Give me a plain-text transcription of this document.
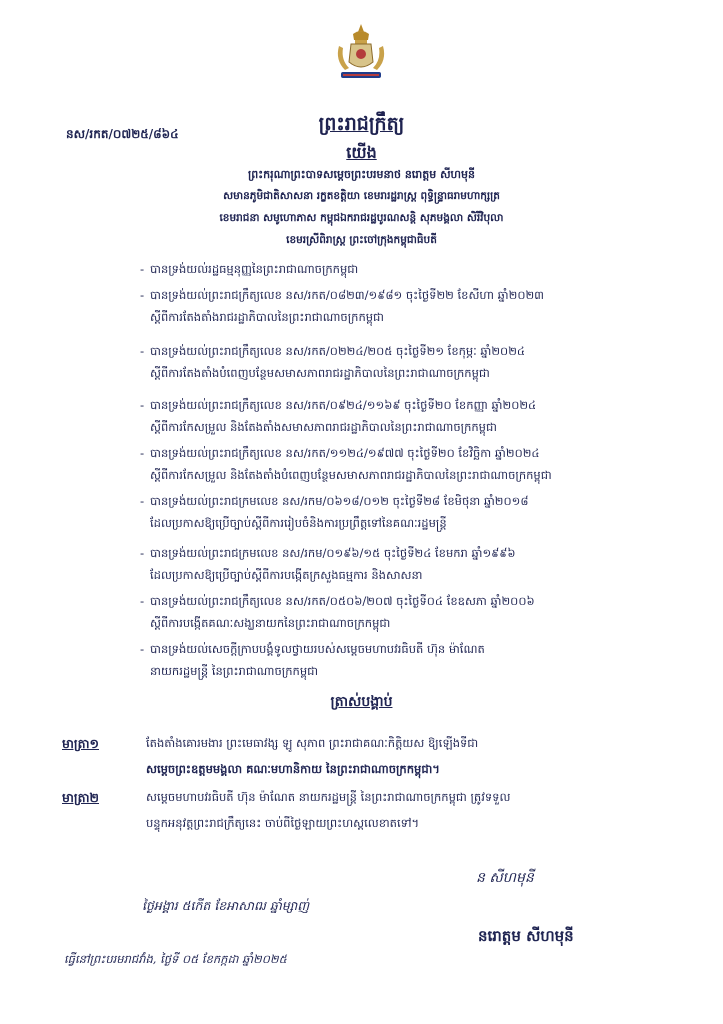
ព្រះរាជក្រឹត្យ
នស/រកត/០៧២៥/៨៦៤
យើង
ព្រះករុណាព្រះបាទសម្ដេចព្រះបរមនាថ នរោត្តម សីហមុនី
សមានភូមិជាតិសាសនា រក្ខតខត្តិយា ខេមរារដ្ឋរាស្ត្រ ពុទ្ធិន្ទ្រាធរាមហាក្សត្រ
ខេមរាជនា សមូហោភាស កម្ពុជឯករាជរដ្ឋបូរណសន្តិ សុភមង្គលា សិរីវិបុលា
ខេមរស្រីពិរាស្ត្រ ព្រះចៅក្រុងកម្ពុជាធិបតី
- បានទ្រង់យល់រដ្ឋធម្មនុញ្ញនៃព្រះរាជាណាចក្រកម្ពុជា
- បានទ្រង់យល់ព្រះរាជក្រឹត្យលេខ នស/រកត/០៨២៣/១៩៨១ ចុះថ្ងៃទី២២ ខែសីហា ឆ្នាំ២០២៣
ស្ដីពីការតែងតាំងរាជរដ្ឋាភិបាលនៃព្រះរាជាណាចក្រកម្ពុជា
- បានទ្រង់យល់ព្រះរាជក្រឹត្យលេខ នស/រកត/០២២៤/២០៥ ចុះថ្ងៃទី២១ ខែកុម្ភៈ ឆ្នាំ២០២៤
ស្ដីពីការតែងតាំងបំពេញបន្ថែមសមាសភាពរាជរដ្ឋាភិបាលនៃព្រះរាជាណាចក្រកម្ពុជា
- បានទ្រង់យល់ព្រះរាជក្រឹត្យលេខ នស/រកត/០៩២៤/១១៦៩ ចុះថ្ងៃទី២០ ខែកញ្ញា ឆ្នាំ២០២៤
ស្ដីពីការកែសម្រួល និងតែងតាំងសមាសភាពរាជរដ្ឋាភិបាលនៃព្រះរាជាណាចក្រកម្ពុជា
- បានទ្រង់យល់ព្រះរាជក្រឹត្យលេខ នស/រកត/១១២៤/១៩៧៧ ចុះថ្ងៃទី២០ ខែវិច្ឆិកា ឆ្នាំ២០២៤
ស្ដីពីការកែសម្រួល និងតែងតាំងបំពេញបន្ថែមសមាសភាពរាជរដ្ឋាភិបាលនៃព្រះរាជាណាចក្រកម្ពុជា
- បានទ្រង់យល់ព្រះរាជក្រមលេខ នស/រកម/០៦១៨/០១២ ចុះថ្ងៃទី២៨ ខែមិថុនា ឆ្នាំ២០១៨
ដែលប្រកាសឱ្យប្រើច្បាប់ស្ដីពីការរៀបចំនិងការប្រព្រឹត្តទៅនៃគណៈរដ្ឋមន្ត្រី
- បានទ្រង់យល់ព្រះរាជក្រមលេខ នស/រកម/០១៩៦/១៥ ចុះថ្ងៃទី២៤ ខែមករា ឆ្នាំ១៩៩៦
ដែលប្រកាសឱ្យប្រើច្បាប់ស្ដីពីការបង្កើតក្រសួងធម្មការ និងសាសនា
- បានទ្រង់យល់ព្រះរាជក្រឹត្យលេខ នស/រកត/០៥០៦/២០៧ ចុះថ្ងៃទី០៤ ខែឧសភា ឆ្នាំ២០០៦
ស្ដីពីការបង្កើតគណៈសង្ឃនាយកនៃព្រះរាជាណាចក្រកម្ពុជា
- បានទ្រង់យល់សេចក្ដីក្រាបបង្គំទូលថ្វាយរបស់សម្ដេចមហាបវរធិបតី ហ៊ុន ម៉ាណែត
នាយករដ្ឋមន្ត្រី នៃព្រះរាជាណាចក្រកម្ពុជា
ត្រាស់បង្គាប់
មាត្រា១	តែងតាំងគោរមងារ ព្រះមេធាវង្ស ឡូ សុភាព ព្រះរាជាគណៈកិត្តិយស ឱ្យឡើងទីជា
សម្ដេចព្រះឧត្ដមមង្គលា គណៈមហានិកាយ នៃព្រះរាជាណាចក្រកម្ពុជា។
មាត្រា២	សម្ដេចមហាបវរធិបតី ហ៊ុន ម៉ាណែត នាយករដ្ឋមន្ត្រី នៃព្រះរាជាណាចក្រកម្ពុជា ត្រូវទទួល
បន្ទុកអនុវត្តព្រះរាជក្រឹត្យនេះ ចាប់ពីថ្ងៃឡាយព្រះហស្តលេខាតទៅ។
ថ្ងៃអង្គារ ៥កើត ខែអាសាឍ ឆ្នាំម្សាញ់
ន សីហមុនី
នរោត្តម សីហមុនី
ធ្វើនៅព្រះបរមរាជវាំង, ថ្ងៃទី ០៥ ខែកក្កដា ឆ្នាំ២០២៥
